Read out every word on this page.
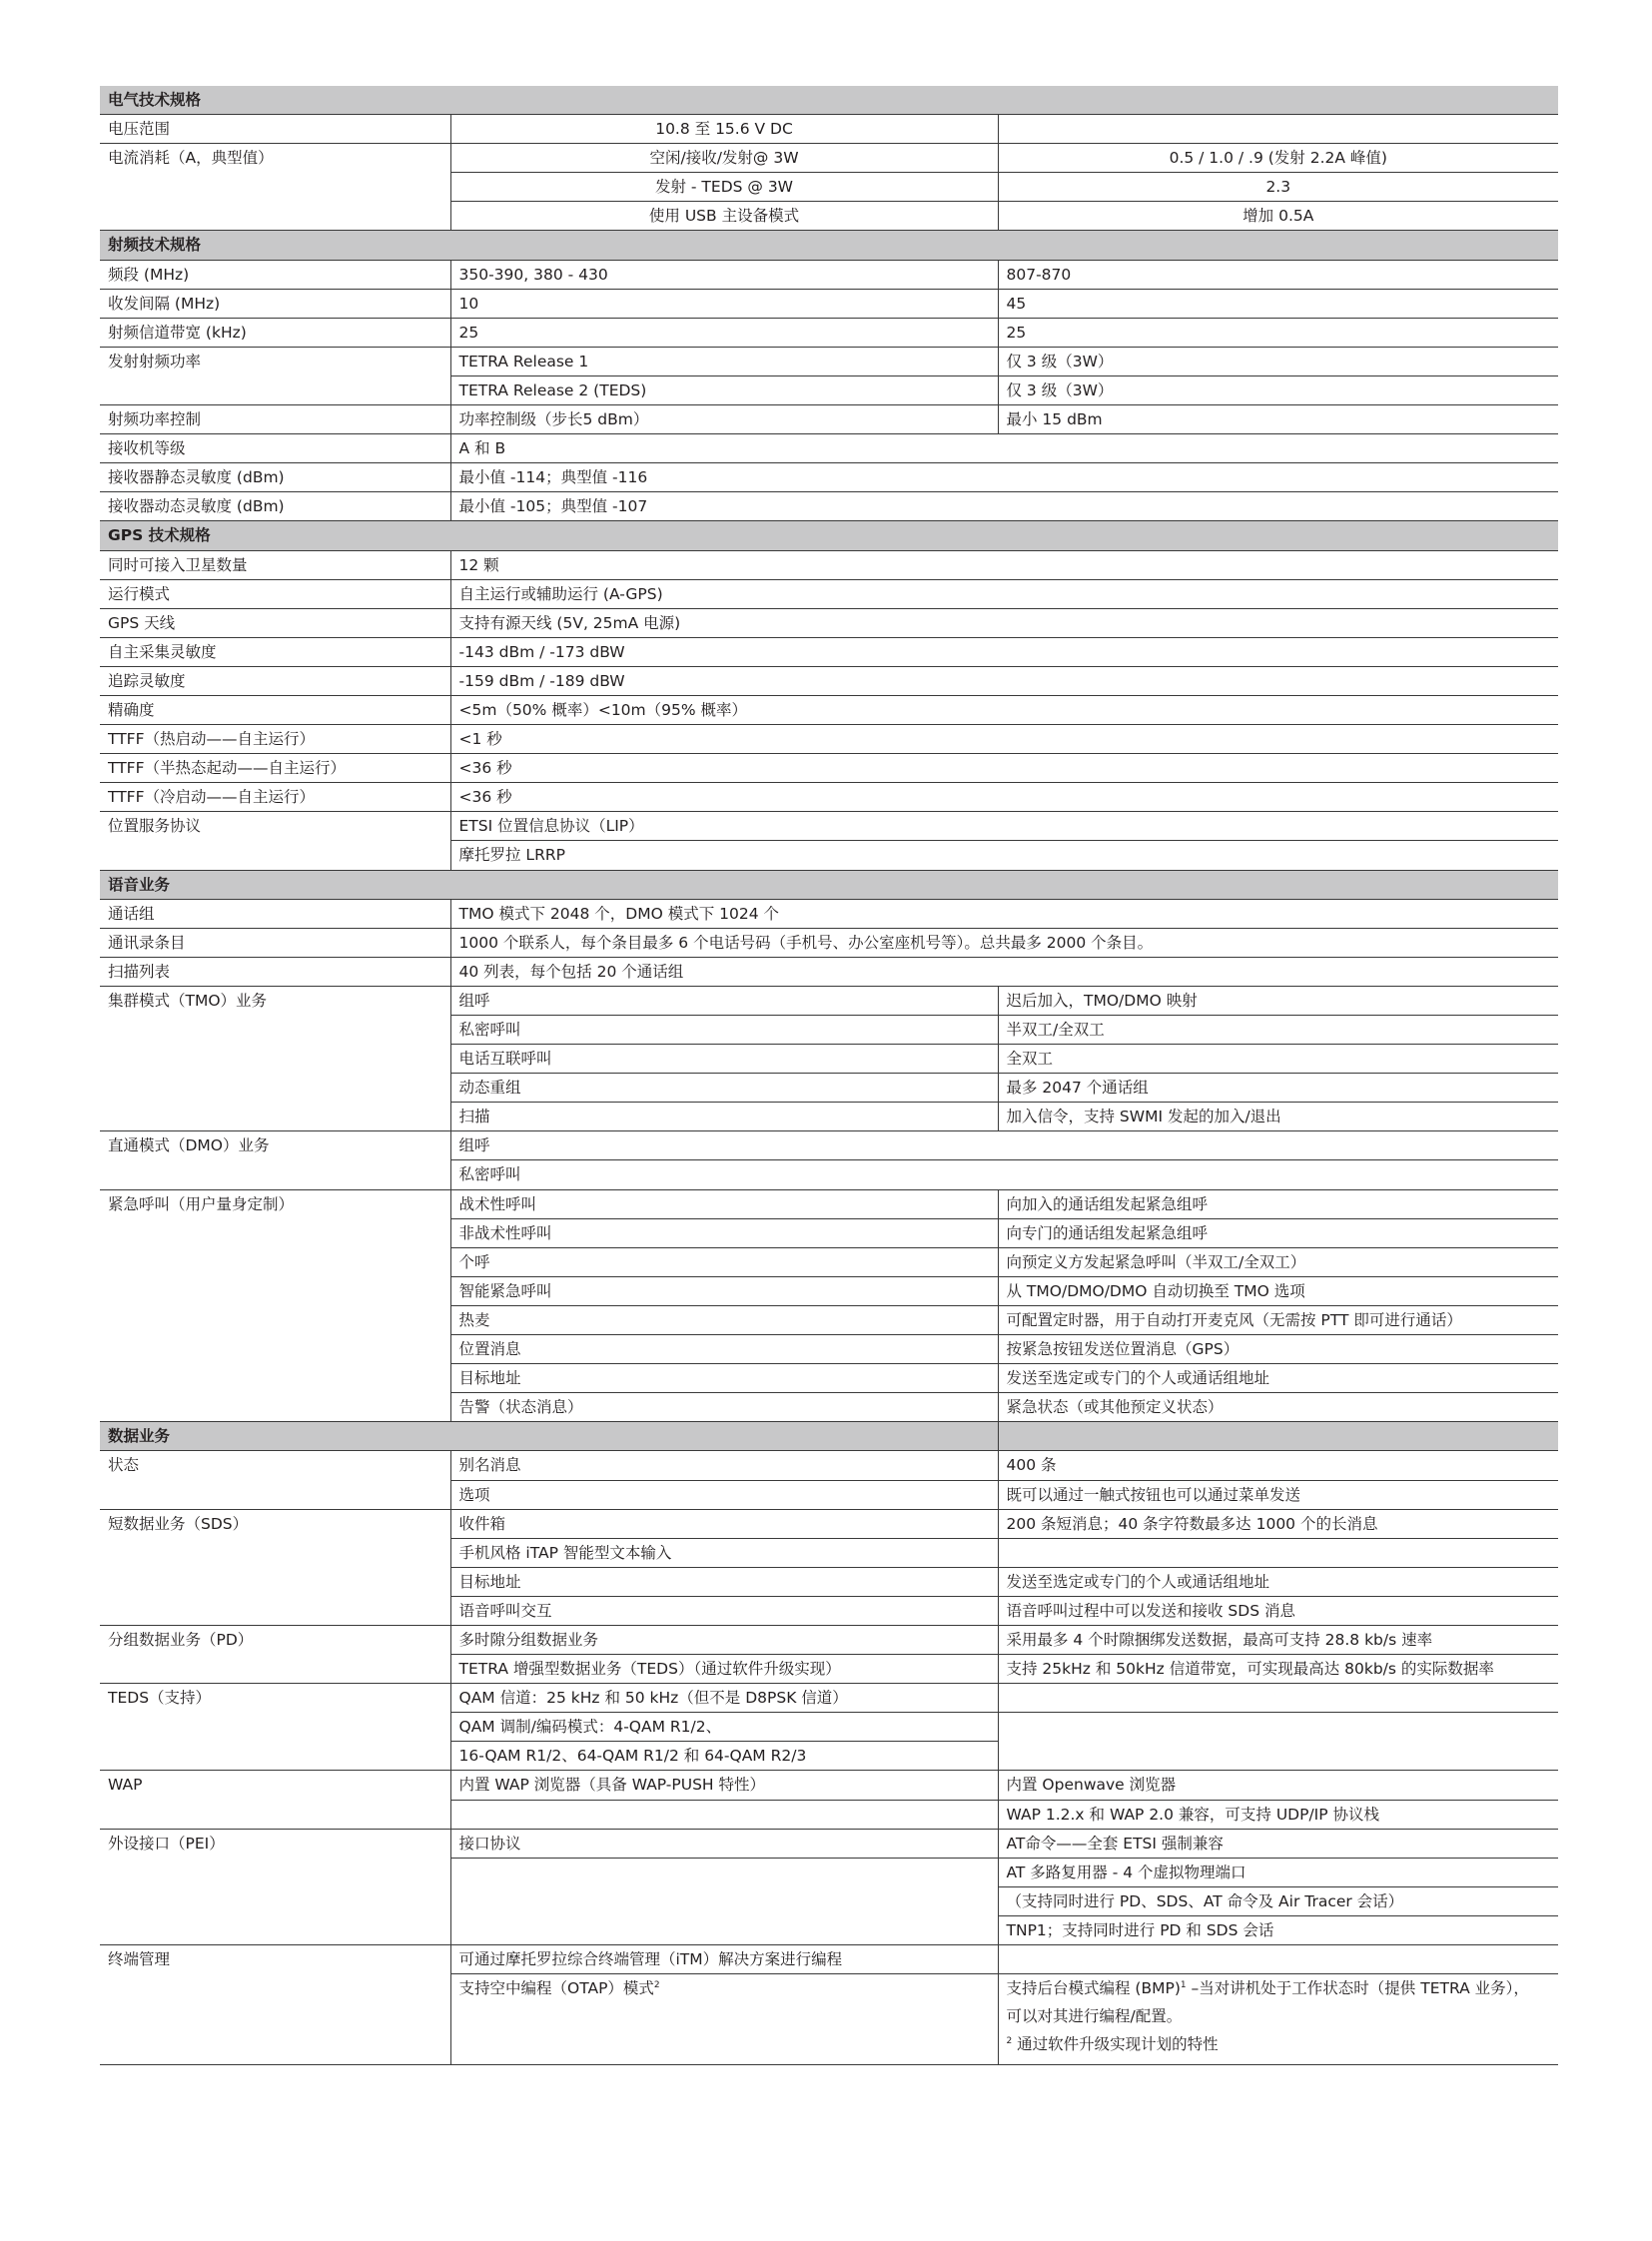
电气技术规格		
电压范围	10.8 至 15.6 V DC	
电流消耗（A，典型值）	空闲/接收/发射@ 3W	0.5 / 1.0 / .9 (发射 2.2A 峰值)
	发射 - TEDS @ 3W	2.3
	使用 USB 主设备模式	增加 0.5A
射频技术规格		
频段 (MHz)	350-390, 380 - 430	807-870
收发间隔 (MHz)	10	45
射频信道带宽 (kHz)	25	25
发射射频功率	TETRA Release 1	仅 3 级（3W）
	TETRA Release 2 (TEDS)	仅 3 级（3W）
射频功率控制	功率控制级（步长5 dBm）	最小 15 dBm
接收机等级	A 和 B	
接收器静态灵敏度 (dBm)	最小值 -114；典型值 -116	
接收器动态灵敏度 (dBm)	最小值 -105；典型值 -107	
GPS 技术规格		
同时可接入卫星数量	12 颗	
运行模式	自主运行或辅助运行 (A-GPS)	
GPS 天线	支持有源天线 (5V, 25mA 电源)	
自主采集灵敏度	-143 dBm / -173 dBW	
追踪灵敏度	-159 dBm / -189 dBW	
精确度	<5m（50% 概率）<10m（95% 概率）	
TTFF（热启动——自主运行）	<1 秒	
TTFF（半热态起动——自主运行）	<36 秒	
TTFF（冷启动——自主运行）	<36 秒	
位置服务协议	ETSI 位置信息协议（LIP）	
	摩托罗拉 LRRP	
语音业务		
通话组	TMO 模式下 2048 个，DMO 模式下 1024 个	
通讯录条目	1000 个联系人，每个条目最多 6 个电话号码（手机号、办公室座机号等）。总共最多 2000 个条目。	
扫描列表	40 列表，每个包括 20 个通话组	
集群模式（TMO）业务	组呼	迟后加入，TMO/DMO 映射
	私密呼叫	半双工/全双工
	电话互联呼叫	全双工
	动态重组	最多 2047 个通话组
	扫描	加入信令，支持 SWMI 发起的加入/退出
直通模式（DMO）业务	组呼	
	私密呼叫	
紧急呼叫（用户量身定制）	战术性呼叫	向加入的通话组发起紧急组呼
	非战术性呼叫	向专门的通话组发起紧急组呼
	个呼	向预定义方发起紧急呼叫（半双工/全双工）
	智能紧急呼叫	从 TMO/DMO/DMO 自动切换至 TMO 选项
	热麦	可配置定时器，用于自动打开麦克风（无需按 PTT 即可进行通话）
	位置消息	按紧急按钮发送位置消息（GPS）
	目标地址	发送至选定或专门的个人或通话组地址
	告警（状态消息）	紧急状态（或其他预定义状态）
数据业务		
状态	别名消息	400 条
	选项	既可以通过一触式按钮也可以通过菜单发送
短数据业务（SDS）	收件箱	200 条短消息；40 条字符数最多达 1000 个的长消息
	手机风格 iTAP 智能型文本输入	
	目标地址	发送至选定或专门的个人或通话组地址
	语音呼叫交互	语音呼叫过程中可以发送和接收 SDS 消息
分组数据业务（PD）	多时隙分组数据业务	采用最多 4 个时隙捆绑发送数据，最高可支持 28.8 kb/s 速率
	TETRA 增强型数据业务（TEDS）（通过软件升级实现）	支持 25kHz 和 50kHz 信道带宽，可实现最高达 80kb/s 的实际数据率
TEDS（支持）	QAM 信道：25 kHz 和 50 kHz（但不是 D8PSK 信道）	
	QAM 调制/编码模式：4-QAM R1/2、	
	16-QAM R1/2、64-QAM R1/2 和 64-QAM R2/3	
WAP	内置 WAP 浏览器（具备 WAP-PUSH 特性）	内置 Openwave 浏览器
		WAP 1.2.x 和 WAP 2.0 兼容，可支持 UDP/IP 协议栈
外设接口（PEI）	接口协议	AT命令——全套 ETSI 强制兼容
		AT 多路复用器 - 4 个虚拟物理端口
		（支持同时进行 PD、SDS、AT 命令及 Air Tracer 会话）
		TNP1；支持同时进行 PD 和 SDS 会话
终端管理	可通过摩托罗拉综合终端管理（iTM）解决方案进行编程	
	支持空中编程（OTAP）模式$^2$	支持后台模式编程 (BMP)$^1$ –当对讲机处于工作状态时（提供 TETRA 业务），
可以对其进行编程/配置。
$^2$ 通过软件升级实现计划的特性
